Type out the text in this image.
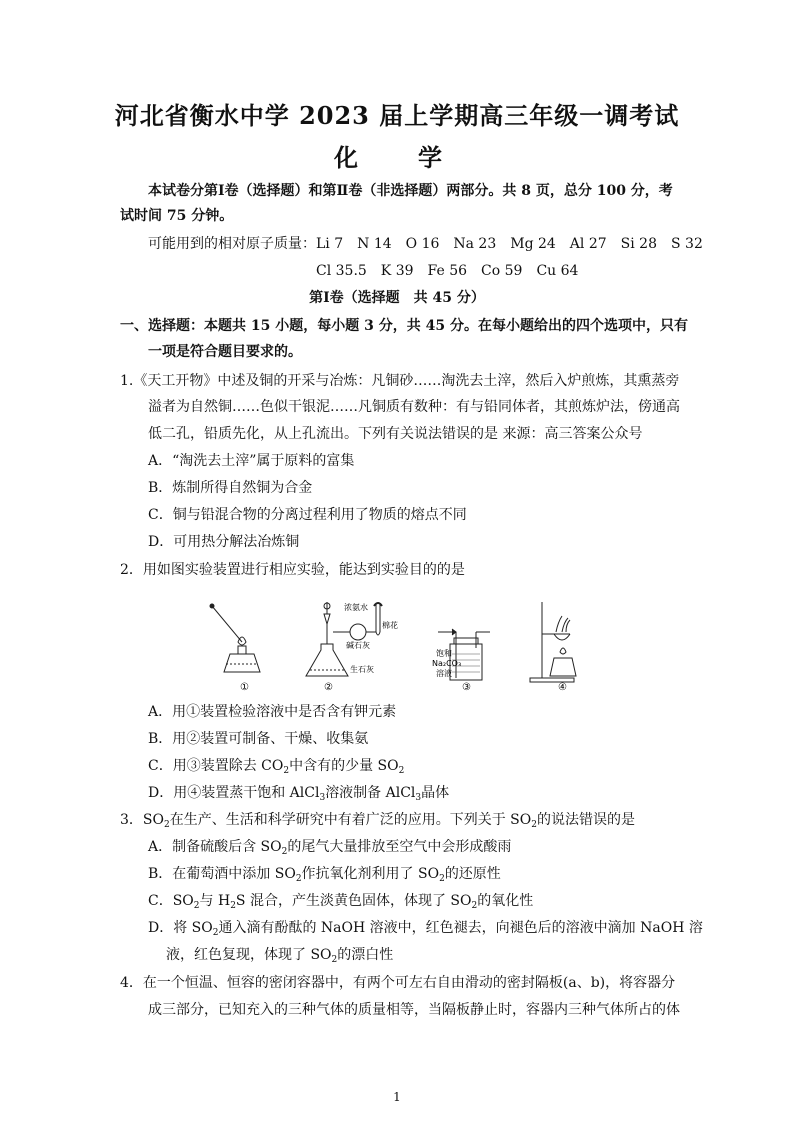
河北省衡水中学 2023 届上学期高三年级一调考试
化　学
本试卷分第Ⅰ卷（选择题）和第Ⅱ卷（非选择题）两部分。共 8 页，总分 100 分，考
试时间 75 分钟。
可能用到的相对原子质量：Li 7　N 14　O 16　Na 23　Mg 24　Al 27　Si 28　S 32
Cl 35.5　K 39　Fe 56　Co 59　Cu 64
第Ⅰ卷（选择题　共 45 分）
一、选择题：本题共 15 小题，每小题 3 分，共 45 分。在每小题给出的四个选项中，只有
一项是符合题目要求的。
1.《天工开物》中述及铜的开采与冶炼：凡铜砂……淘洗去土滓，然后入炉煎炼，其熏蒸旁
溢者为自然铜……色似干银泥……凡铜质有数种：有与铅同体者，其煎炼炉法，傍通高
低二孔，铅质先化，从上孔流出。下列有关说法错误的是 来源：高三答案公众号
A．“淘洗去土滓”属于原料的富集
B．炼制所得自然铜为合金
C．铜与铅混合物的分离过程利用了物质的熔点不同
D．可用热分解法冶炼铜
2．用如图实验装置进行相应实验，能达到实验目的的是
浓氨水
棉花
碱石灰
生石灰
饱和
Na₂CO₃
溶液
①	②	③	④
A．用①装置检验溶液中是否含有钾元素
B．用②装置可制备、干燥、收集氨
C．用③装置除去 $CO_2$中含有的少量 $SO_2$
D．用④装置蒸干饱和 AlCl$_3$溶液制备 AlCl$_3$晶体
3．$SO_2$在生产、生活和科学研究中有着广泛的应用。下列关于 $SO_2$的说法错误的是
A．制备硫酸后含 $SO_2$的尾气大量排放至空气中会形成酸雨
B．在葡萄酒中添加 $SO_2$作抗氧化剂利用了 $SO_2$的还原性
C．$SO_2$与 $H_2S$ 混合，产生淡黄色固体，体现了 $SO_2$的氧化性
D．将 $SO_2$通入滴有酚酞的 NaOH 溶液中，红色褪去，向褪色后的溶液中滴加 NaOH 溶
液，红色复现，体现了 $SO_2$的漂白性
4．在一个恒温、恒容的密闭容器中，有两个可左右自由滑动的密封隔板(a、b)，将容器分
成三部分，已知充入的三种气体的质量相等，当隔板静止时，容器内三种气体所占的体
1
